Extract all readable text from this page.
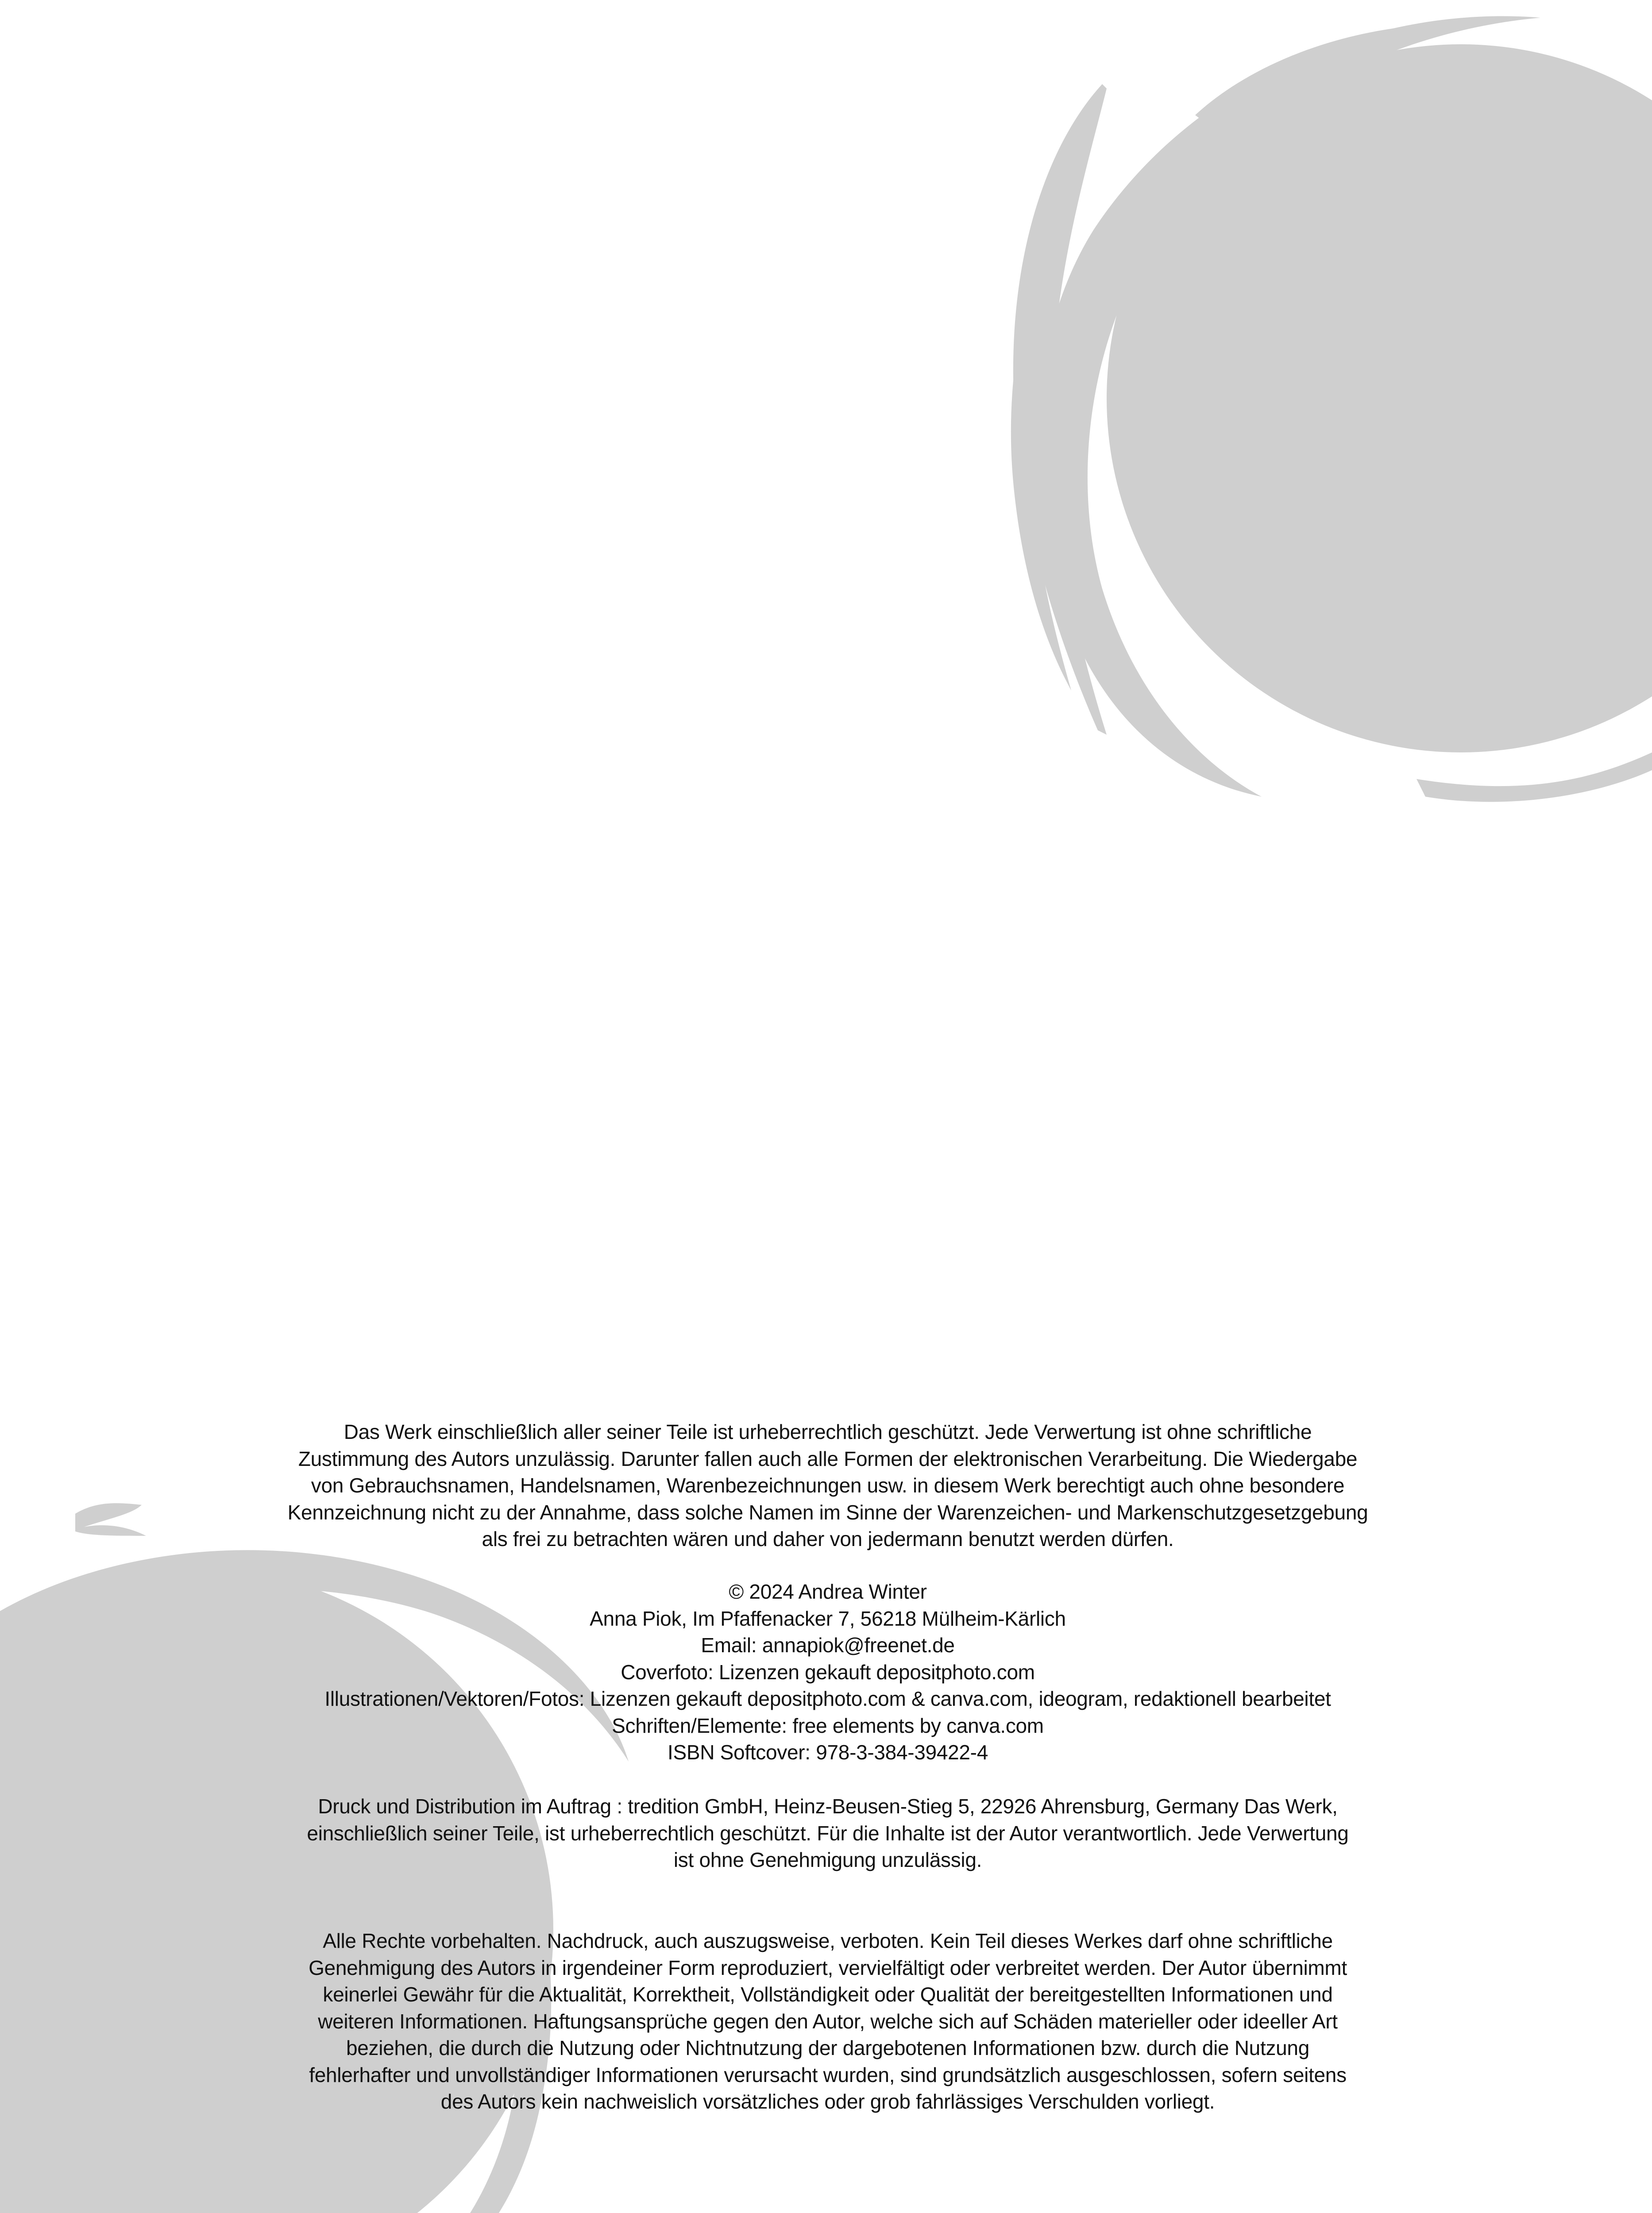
Das Werk einschließlich aller seiner Teile ist urheberrechtlich geschützt. Jede Verwertung ist ohne schriftliche
Zustimmung des Autors unzulässig. Darunter fallen auch alle Formen der elektronischen Verarbeitung. Die Wiedergabe
von Gebrauchsnamen, Handelsnamen, Warenbezeichnungen usw. in diesem Werk berechtigt auch ohne besondere
Kennzeichnung nicht zu der Annahme, dass solche Namen im Sinne der Warenzeichen- und Markenschutzgesetzgebung
als frei zu betrachten wären und daher von jedermann benutzt werden dürfen.
© 2024 Andrea Winter
Anna Piok, Im Pfaffenacker 7, 56218 Mülheim-Kärlich
Email: annapiok@freenet.de
Coverfoto: Lizenzen gekauft depositphoto.com
Illustrationen/Vektoren/Fotos: Lizenzen gekauft depositphoto.com & canva.com, ideogram, redaktionell bearbeitet
Schriften/Elemente: free elements by canva.com
ISBN Softcover: 978-3-384-39422-4
Druck und Distribution im Auftrag : tredition GmbH, Heinz-Beusen-Stieg 5, 22926 Ahrensburg, Germany Das Werk,
einschließlich seiner Teile, ist urheberrechtlich geschützt. Für die Inhalte ist der Autor verantwortlich. Jede Verwertung
ist ohne Genehmigung unzulässig.
Alle Rechte vorbehalten. Nachdruck, auch auszugsweise, verboten. Kein Teil dieses Werkes darf ohne schriftliche
Genehmigung des Autors in irgendeiner Form reproduziert, vervielfältigt oder verbreitet werden. Der Autor übernimmt
keinerlei Gewähr für die Aktualität, Korrektheit, Vollständigkeit oder Qualität der bereitgestellten Informationen und
weiteren Informationen. Haftungsansprüche gegen den Autor, welche sich auf Schäden materieller oder ideeller Art
beziehen, die durch die Nutzung oder Nichtnutzung der dargebotenen Informationen bzw. durch die Nutzung
fehlerhafter und unvollständiger Informationen verursacht wurden, sind grundsätzlich ausgeschlossen, sofern seitens
des Autors kein nachweislich vorsätzliches oder grob fahrlässiges Verschulden vorliegt.
